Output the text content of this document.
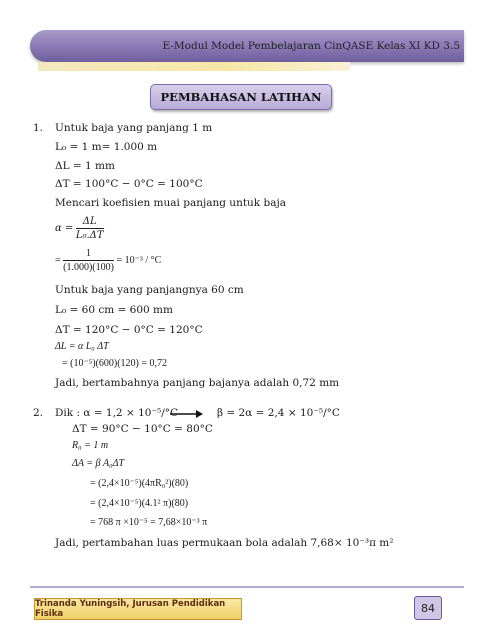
E-Modul Model Pembelajaran CinQASE Kelas XI KD 3.5
PEMBAHASAN LATIHAN
1. Untuk baja yang panjang 1 m
L₀ = 1 m= 1.000 m
ΔL = 1 mm
ΔT = 100°C − 0°C = 100°C
Mencari koefisien muai panjang untuk baja
$\alpha = \frac{\Delta L}{\text{L₀.ΔT}}$
= $\frac{1}{(1.000)(100)} = 10^{-3} / ^\circ C$
Untuk baja yang panjangnya 60 cm
L₀ = 60 cm = 600 mm
ΔT = 120°C − 0°C = 120°C
ΔL = α L₀ ΔT
= (10⁻⁵)(600)(120) = 0,72
Jadi, bertambahnya panjang bajanya adalah 0,72 mm
2. Dik : α = 1,2 × 10⁻⁵/°C	β = 2α = 2,4 × 10⁻⁵/°C
ΔT = 90°C − 10°C = 80°C
R₀ = 1 m
ΔA = β A₀ΔT
= (2,4×10⁻⁵)(4πR₀²)(80)
= (2,4×10⁻⁵)(4.1² π)(80)
= 768 π ×10⁻⁵ = 7,68×10⁻³ π
Jadi, pertambahan luas permukaan bola adalah 7,68× 10⁻³π m²
Trinanda Yuningsih, Jurusan Pendidikan Fisika	84
